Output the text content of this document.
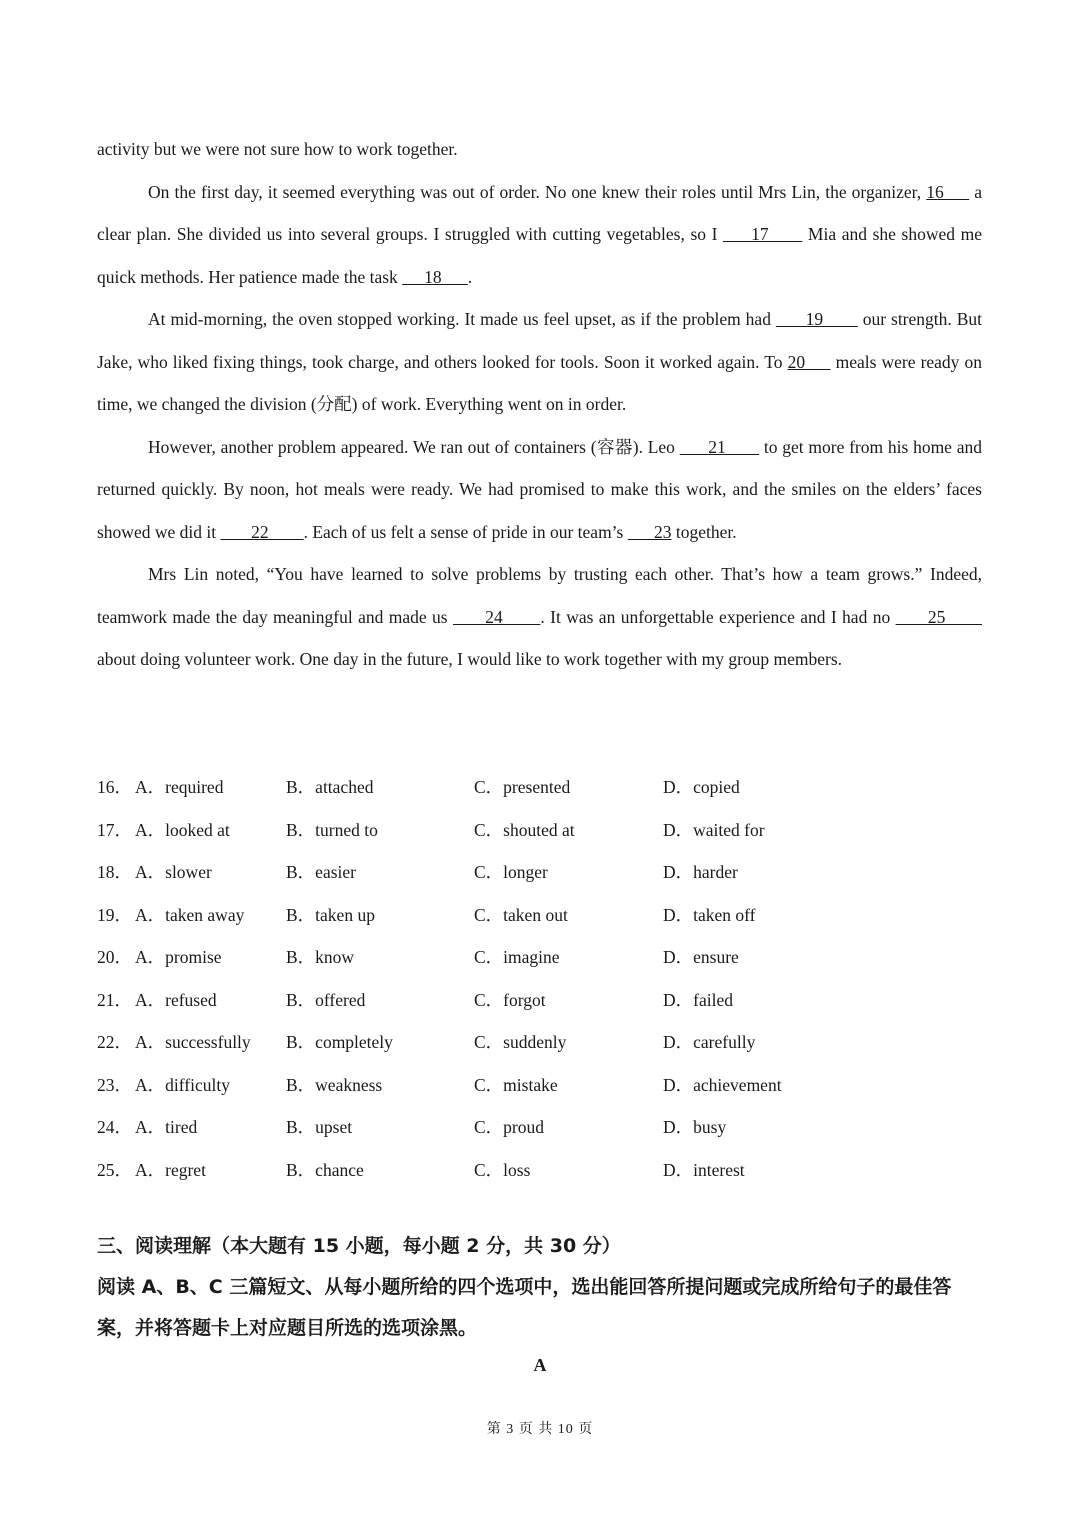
activity but we were not sure how to work together.

On the first day, it seemed everything was out of order. No one knew their roles until Mrs Lin, the organizer, 16      a clear plan. She divided us into several groups. I struggled with cutting vegetables, so I      17       Mia and she showed me quick methods. Her patience made the task      18      .

At mid-morning, the oven stopped working. It made us feel upset, as if the problem had       19        our strength. But Jake, who liked fixing things, took charge, and others looked for tools. Soon it worked again. To 20      meals were ready on time, we changed the division (分配) of work. Everything went on in order.

However, another problem appeared. We ran out of containers (容器). Leo       21        to get more from his home and returned quickly. By noon, hot meals were ready. We had promised to make this work, and the smiles on the elders’ faces showed we did it        22        . Each of us felt a sense of pride in our team’s       23 together.

Mrs Lin noted, “You have learned to solve problems by trusting each other. That’s how a team grows.” Indeed, teamwork made the day meaningful and made us       24       . It was an unforgettable experience and I had no       25        about doing volunteer work. One day in the future, I would like to work together with my group members.

16． A．required	B．attached	C．presented	D．copied
17． A．looked at	B．turned to	C．shouted at	D．waited for
18． A．slower	B．easier	C．longer	D．harder
19． A．taken away B．taken up	C．taken out	D．taken off
20． A．promise	B．know	C．imagine	D．ensure
21． A．refused	B．offered	C．forgot	D．failed
22． A．successfully B．completely	C．suddenly	D．carefully
23． A．difficulty	B．weakness	C．mistake	D．achievement
24． A．tired	B．upset	C．proud	D．busy
25． A．regret	B．chance	C．loss	D．interest

三、阅读理解（本大题有 15 小题，每小题 2 分，共 30 分）

阅读 A、B、C 三篇短文、从每小题所给的四个选项中，选出能回答所提问题或完成所给句子的最佳答案，并将答题卡上对应题目所选的选项涂黑。

A

第 3 页 共 10 页
